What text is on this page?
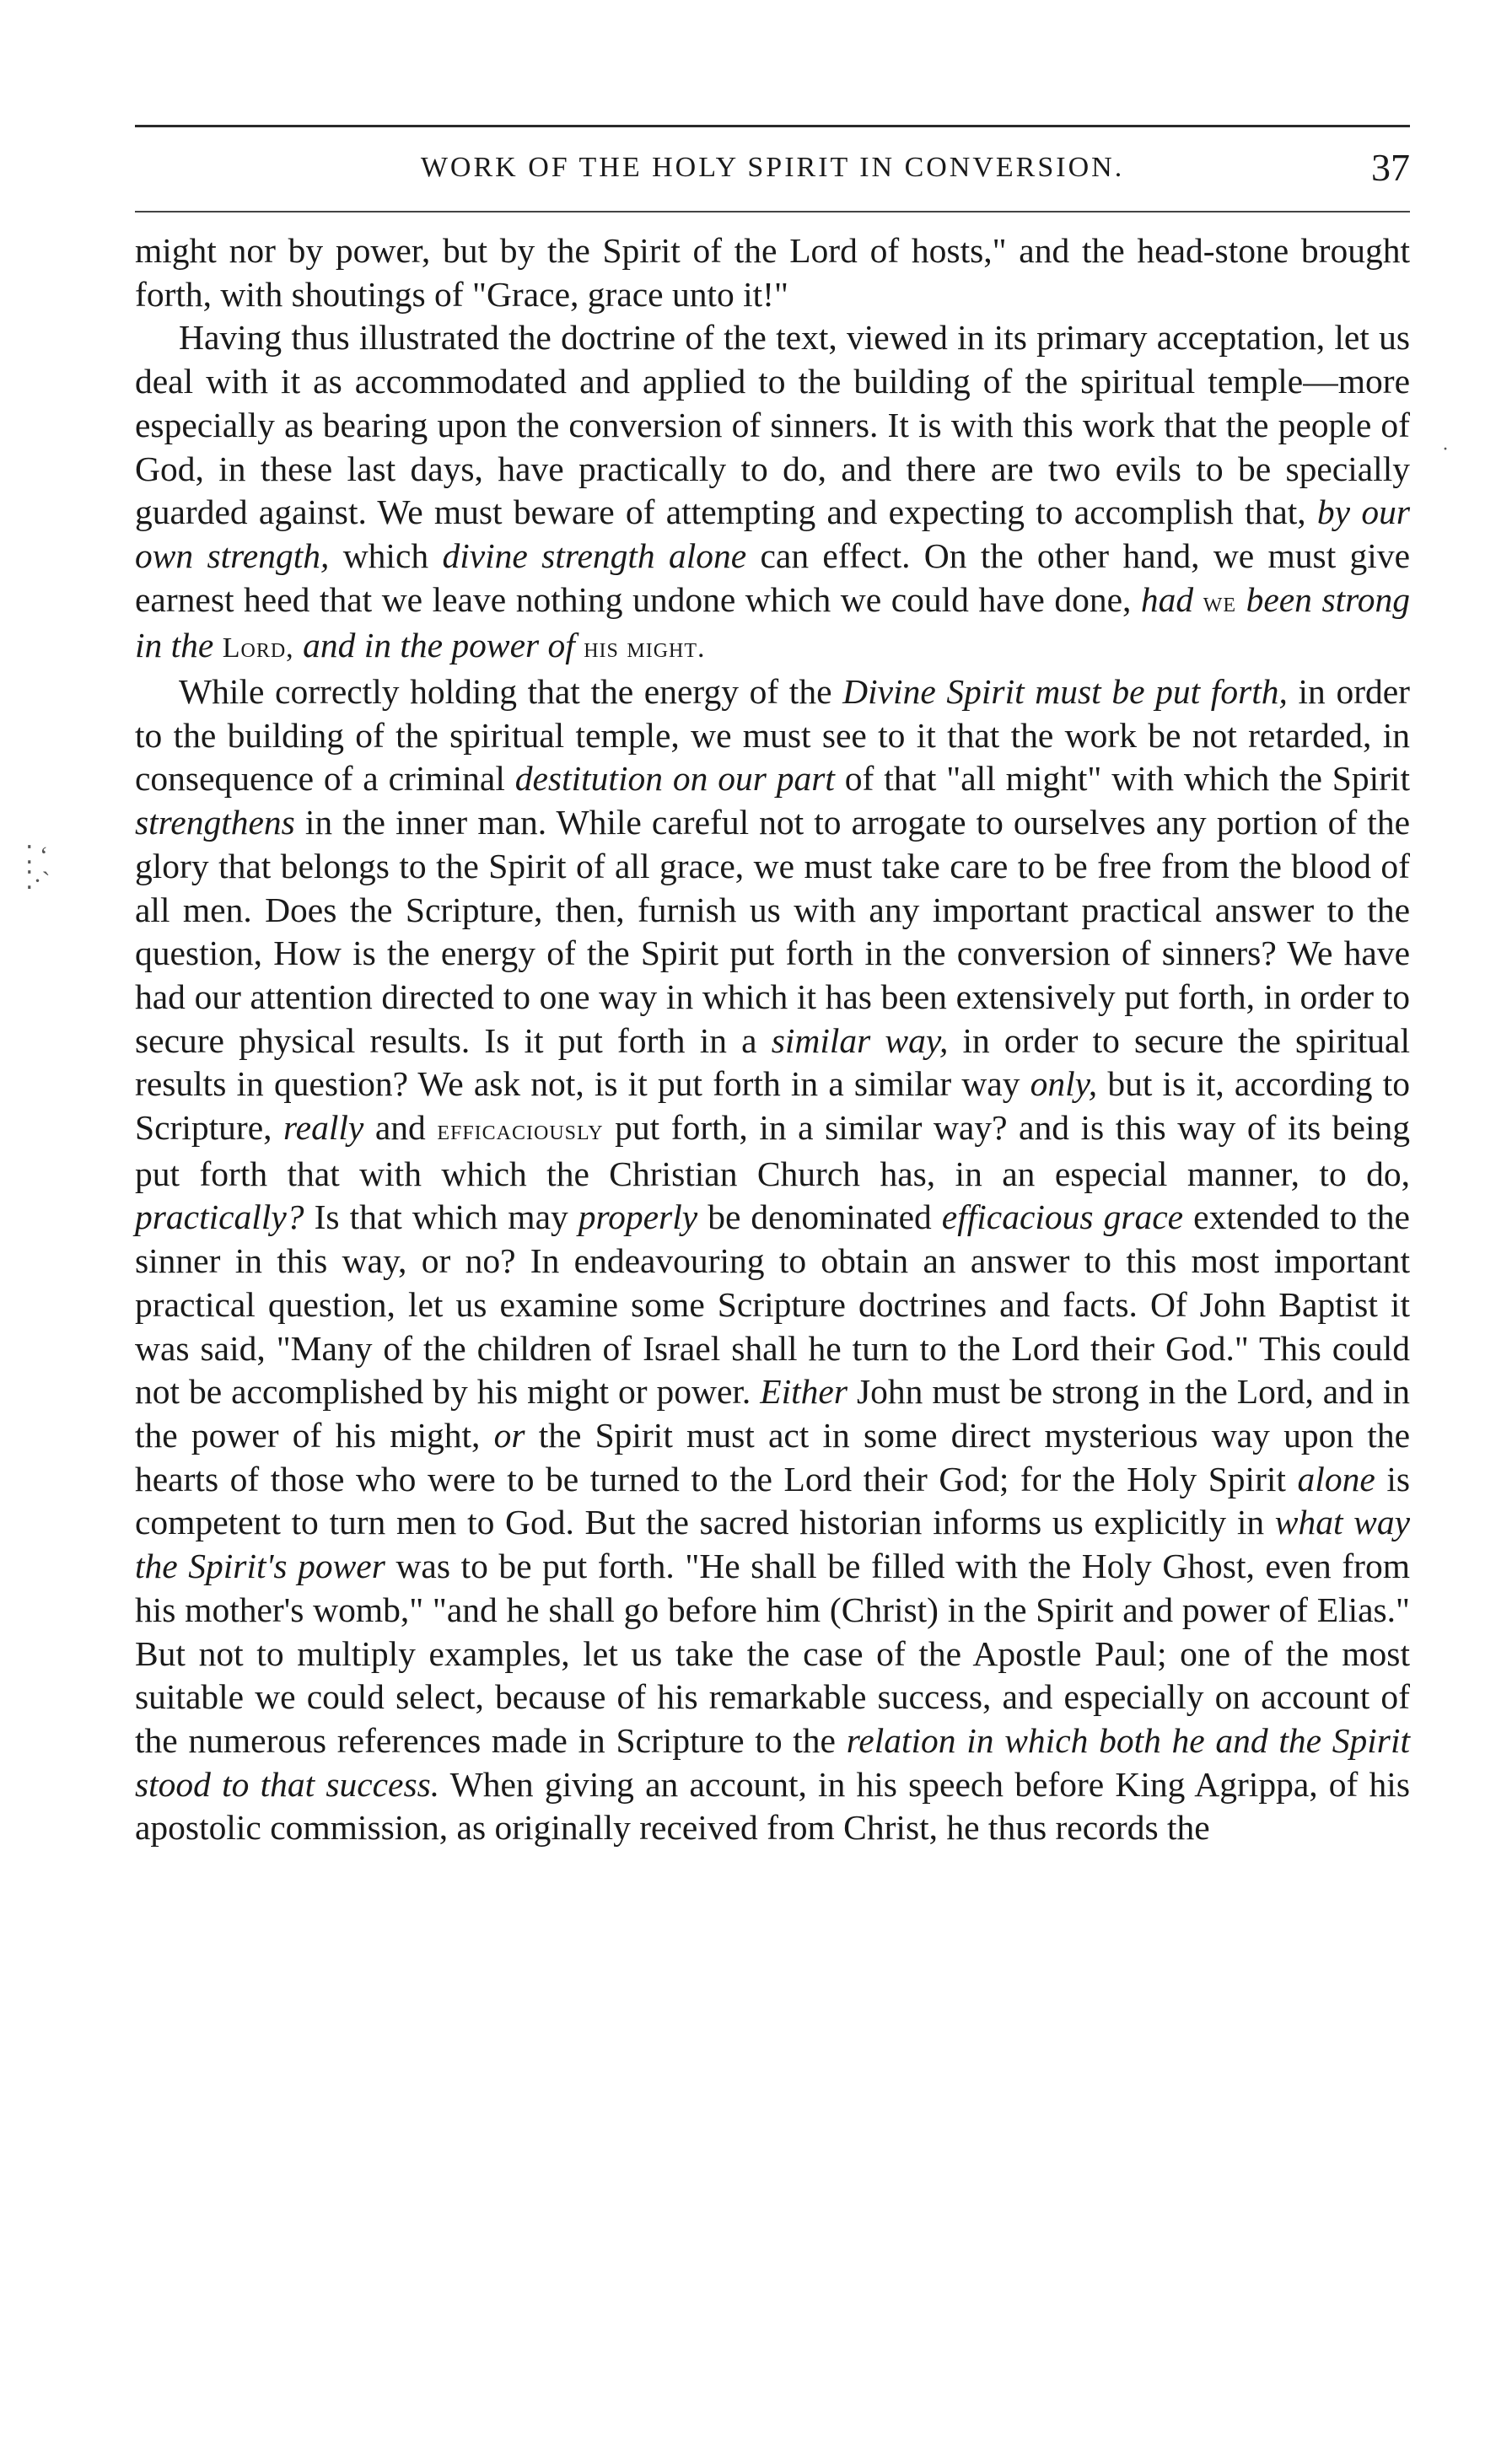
WORK OF THE HOLY SPIRIT IN CONVERSION.	37
·
⁚ ‘
⁚·`

might nor by power, but by the Spirit of the Lord of hosts," and the head-stone brought forth, with shoutings of "Grace, grace unto it!"

Having thus illustrated the doctrine of the text, viewed in its primary acceptation, let us deal with it as accommodated and applied to the building of the spiritual temple—more especially as bearing upon the conversion of sinners. It is with this work that the people of God, in these last days, have practically to do, and there are two evils to be specially guarded against. We must beware of attempting and expecting to accomplish that, by our own strength, which divine strength alone can effect. On the other hand, we must give earnest heed that we leave nothing undone which we could have done, had we been strong in the Lord, and in the power of his might.

While correctly holding that the energy of the Divine Spirit must be put forth, in order to the building of the spiritual temple, we must see to it that the work be not retarded, in consequence of a criminal destitution on our part of that "all might" with which the Spirit strengthens in the inner man. While careful not to arrogate to ourselves any portion of the glory that belongs to the Spirit of all grace, we must take care to be free from the blood of all men. Does the Scripture, then, furnish us with any important practical answer to the question, How is the energy of the Spirit put forth in the conversion of sinners? We have had our attention directed to one way in which it has been extensively put forth, in order to secure physical results. Is it put forth in a similar way, in order to secure the spiritual results in question? We ask not, is it put forth in a similar way only, but is it, according to Scripture, really and efficaciously put forth, in a similar way? and is this way of its being put forth that with which the Christian Church has, in an especial manner, to do, practically? Is that which may properly be denominated efficacious grace extended to the sinner in this way, or no? In endeavouring to obtain an answer to this most important practical question, let us examine some Scripture doctrines and facts. Of John Baptist it was said, "Many of the children of Israel shall he turn to the Lord their God." This could not be accomplished by his might or power. Either John must be strong in the Lord, and in the power of his might, or the Spirit must act in some direct mysterious way upon the hearts of those who were to be turned to the Lord their God; for the Holy Spirit alone is competent to turn men to God. But the sacred historian informs us explicitly in what way the Spirit's power was to be put forth. "He shall be filled with the Holy Ghost, even from his mother's womb," "and he shall go before him (Christ) in the Spirit and power of Elias." But not to multiply examples, let us take the case of the Apostle Paul; one of the most suitable we could select, because of his remarkable success, and especially on account of the numerous references made in Scripture to the relation in which both he and the Spirit stood to that success. When giving an account, in his speech before King Agrippa, of his apostolic commission, as originally received from Christ, he thus records the
